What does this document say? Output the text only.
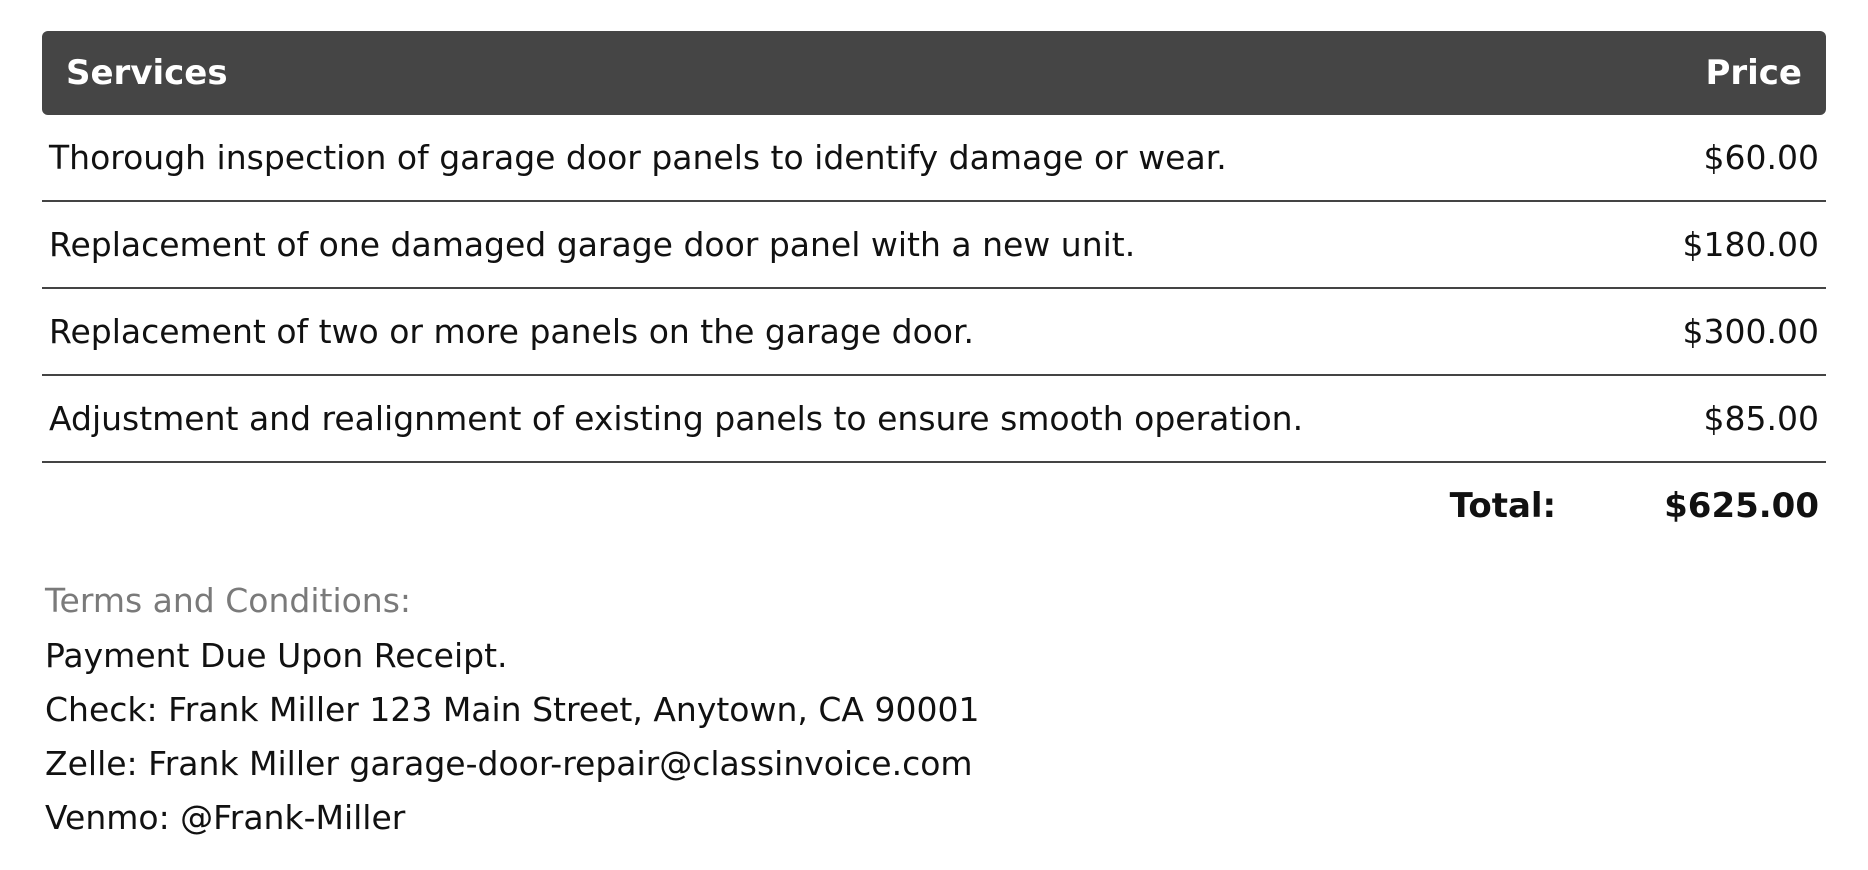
Services	Price
Thorough inspection of garage door panels to identify damage or wear.	$60.00
Replacement of one damaged garage door panel with a new unit.	$180.00
Replacement of two or more panels on the garage door.	$300.00
Adjustment and realignment of existing panels to ensure smooth operation.	$85.00
Total:	$625.00
Terms and Conditions:
Payment Due Upon Receipt.
Check: Frank Miller 123 Main Street, Anytown, CA 90001
Zelle: Frank Miller garage-door-repair@classinvoice.com
Venmo: @Frank-Miller
